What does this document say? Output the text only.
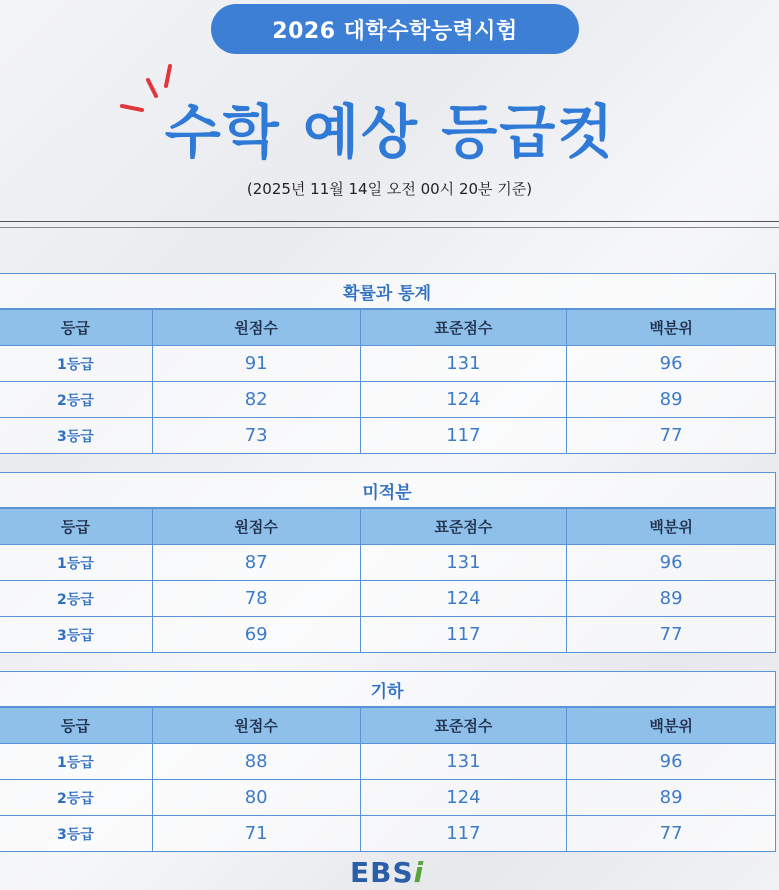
2026 대학수학능력시험
수학 예상 등급컷
(2025년 11월 14일 오전 00시 20분 기준)
확률과 통계
등급	원점수	표준점수	백분위
1등급	91	131	96
2등급	82	124	89
3등급	73	117	77
미적분
등급	원점수	표준점수	백분위
1등급	87	131	96
2등급	78	124	89
3등급	69	117	77
기하
등급	원점수	표준점수	백분위
1등급	88	131	96
2등급	80	124	89
3등급	71	117	77
EBSi
